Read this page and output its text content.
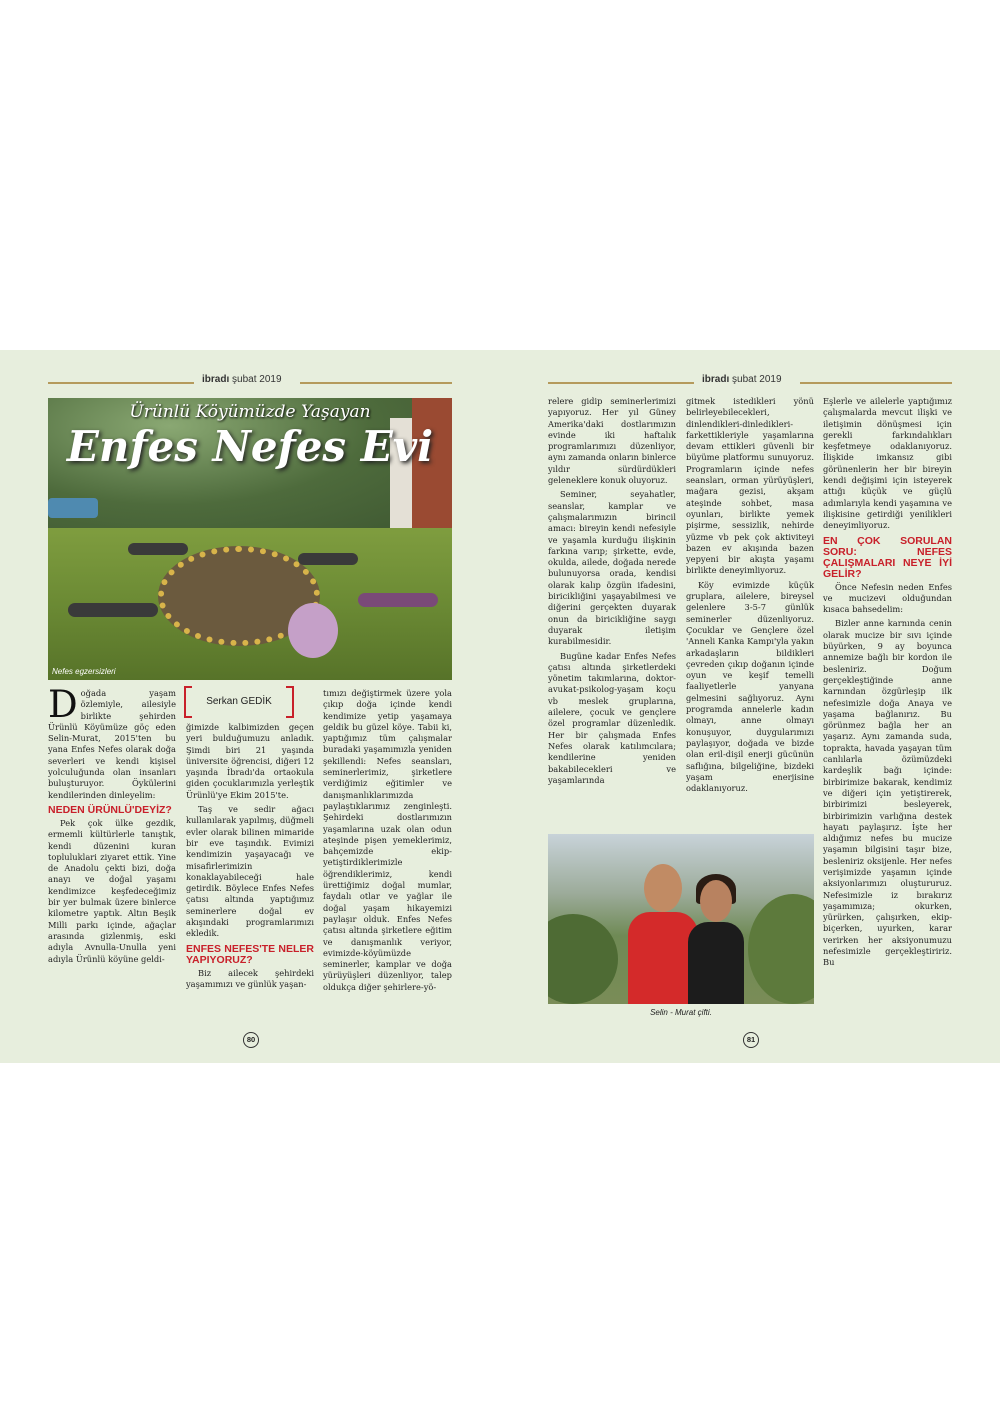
ibradı şubat 2019
Ürünlü Köyümüzde Yaşayan
Enfes Nefes Evi
Nefes egzersizleri

Doğada yaşam özlemiyle, ailesiyle birlikte şehirden Ürünlü Köyümüze göç eden Selin-Murat, 2015'ten bu yana Enfes Nefes olarak doğa severleri ve kendi kişisel yolculuğunda olan insanları buluşturuyor. Öykülerini kendilerinden dinleyelim:

NEDEN ÜRÜNLÜ'DEYİZ?

Pek çok ülke gezdik, ermemli kültürlerle tanıştık, kendi düzenini kuran topluluklari ziyaret ettik. Yine de Anadolu çekti bizi, doğa anayı ve doğal yaşamı kendimizce keşfedeceğimiz bir yer bulmak üzere binlerce kilometre yaptık. Altın Beşik Milli parkı içinde, ağaçlar arasında gizlenmiş, eski adıyla Avnulla-Unulla yeni adıyla Ürünlü köyüne geldi-

Serkan GEDİK

ğimizde kalbimizden geçen yeri bulduğumuzu anladık. Şimdi biri 21 yaşında üniversite öğrencisi, diğeri 12 yaşında İbradı'da ortaokula giden çocuklarımızla yerleştik Ürünlü'ye Ekim 2015'te.

Taş ve sedir ağacı kullanılarak yapılmış, düğmeli evler olarak bilinen mimaride bir eve taşındık. Evimizi kendimizin yaşayacağı ve misafirlerimizin konaklayabileceği hale getirdik. Böylece Enfes Nefes çatısı altında yaptığımız seminerlere doğal ev akışındaki programlarımızı ekledik.

ENFES NEFES'TE NELER YAPIYORUZ?

Biz ailecek şehirdeki yaşamımızı ve günlük yaşan-

tımızı değiştirmek üzere yola çıkıp doğa içinde kendi kendimize yetip yaşamaya geldik bu güzel köye. Tabii ki, yaptığımız tüm çalışmalar buradaki yaşamımızla yeniden şekillendi: Nefes seansları, seminerlerimiz, şirketlere verdiğimiz eğitimler ve danışmanlıklarımızda paylaştıklarımız zenginleşti. Şehirdeki dostlarımızın yaşamlarına uzak olan odun ateşinde pişen yemeklerimiz, bahçemizde ekip-yetiştirdiklerimizle öğrendiklerimiz, kendi ürettiğimiz doğal mumlar, faydalı otlar ve yağlar ile doğal yaşam hikayemizi paylaşır olduk. Enfes Nefes çatısı altında şirketlere eğitim ve danışmanlık veriyor, evimizde-köyümüzde seminerler, kamplar ve doğa yürüyüşleri düzenliyor, talep oldukça diğer şehirlere-yö-

80
ibradı şubat 2019

relere gidip seminerlerimizi yapıyoruz. Her yıl Güney Amerika'daki dostlarımızın evinde iki haftalık programlarımızı düzenliyor, aynı zamanda onların binlerce yıldır sürdürdükleri geleneklere konuk oluyoruz.

Seminer, seyahatler, seanslar, kamplar ve çalışmalarımızın birincil amacı: bireyin kendi nefesiyle ve yaşamla kurduğu ilişkinin farkına varıp; şirkette, evde, okulda, ailede, doğada nerede bulunuyorsa orada, kendisi olarak kalıp özgün ifadesini, biricikliğini yaşayabilmesi ve diğerini gerçekten duyarak onun da biricikliğine saygı duyarak iletişim kurabilmesidir.

Bugüne kadar Enfes Nefes çatısı altında şirketlerdeki yönetim takımlarına, doktor-avukat-psikolog-yaşam koçu vb meslek gruplarına, ailelere, çocuk ve gençlere özel programlar düzenledik. Her bir çalışmada Enfes Nefes olarak katılımcılara; kendilerine yeniden bakabilecekleri ve yaşamlarında

gitmek istedikleri yönü belirleyebilecekleri, dinlendikleri-dinledikleri-farkettikleriyle yaşamlarına devam ettikleri güvenli bir büyüme platformu sunuyoruz. Programların içinde nefes seansları, orman yürüyüşleri, mağara gezisi, akşam ateşinde sohbet, masa oyunları, birlikte yemek pişirme, sessizlik, nehirde yüzme vb pek çok aktiviteyi bazen ev akışında bazen yepyeni bir akışta yaşamı birlikte deneyimliyoruz.

Köy evimizde küçük gruplara, ailelere, bireysel gelenlere 3-5-7 günlük seminerler düzenliyoruz. Çocuklar ve Gençlere özel 'Anneli Kanka Kampı'yla yakın arkadaşların bildikleri çevreden çıkıp doğanın içinde oyun ve keşif temelli faaliyetlerle yanyana gelmesini sağlıyoruz. Aynı programda annelerle kadın olmayı, anne olmayı konuşuyor, duygularımızı paylaşıyor, doğada ve bizde olan eril-dişil enerji gücünün saflığına, bilgeliğine, bizdeki yaşam enerjisine odaklanıyoruz.

Selin - Murat çifti.

Eşlerle ve ailelerle yaptığımız çalışmalarda mevcut ilişki ve iletişimin dönüşmesi için gerekli farkındalıkları keşfetmeye odaklanıyoruz. İlişkide imkansız gibi görünenlerin her bir bireyin kendi değişimi için isteyerek attığı küçük ve güçlü adımlarıyla kendi yaşamına ve ilişkisine getirdiği yenilikleri deneyimliyoruz.

EN ÇOK SORULAN SORU: NEFES ÇALIŞMALARI NEYE İYİ GELİR?

Önce Nefesin neden Enfes ve mucizevi olduğundan kısaca bahsedelim:

Bizler anne karnında cenin olarak mucize bir sıvı içinde büyürken, 9 ay boyunca annemize bağlı bir kordon ile besleniriz. Doğum gerçekleştiğinde anne karnından özgürleşip ilk nefesimizle doğa Anaya ve yaşama bağlanırız. Bu görünmez bağla her an yaşarız. Aynı zamanda suda, toprakta, havada yaşayan tüm canlılarla özümüzdeki kardeşlik bağı içinde: birbirimize bakarak, kendimiz ve diğeri için yetiştirerek, birbirimizi besleyerek, birbirimizin varlığına destek hayatı paylaşırız. İşte her aldığımız nefes bu mucize yaşamın bilgisini taşır bize, besleniriz oksijenle. Her nefes verişimizde yaşamın içinde aksiyonlarımızı oluştururuz. Nefesimizle iz bırakırız yaşamımıza; okurken, yürürken, çalışırken, ekip-biçerken, uyurken, karar verirken her aksiyonumuzu nefesimizle gerçekleştiririz. Bu

81
